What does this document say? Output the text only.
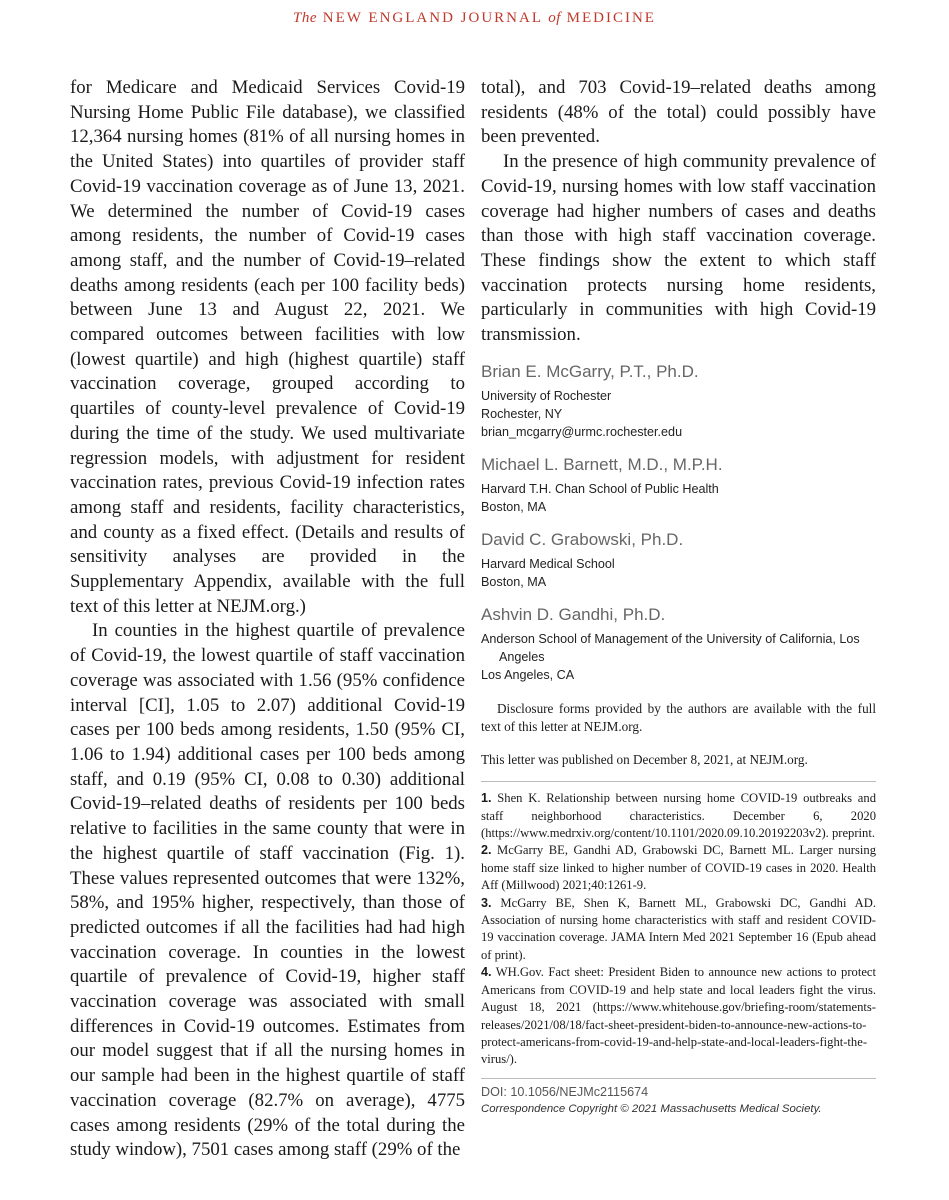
The NEW ENGLAND JOURNAL of MEDICINE

for Medicare and Medicaid Services Covid-19 Nursing Home Public File database), we classified 12,364 nursing homes (81% of all nursing homes in the United States) into quartiles of provider staff Covid-19 vaccination coverage as of June 13, 2021. We determined the number of Covid-19 cases among residents, the number of Covid-19 cases among staff, and the number of Covid-19–related deaths among residents (each per 100 facility beds) between June 13 and August 22, 2021. We compared outcomes between facilities with low (lowest quartile) and high (highest quartile) staff vaccination coverage, grouped according to quartiles of county-level prevalence of Covid-19 during the time of the study. We used multivariate regression models, with adjustment for resident vaccination rates, previous Covid-19 infection rates among staff and residents, facility characteristics, and county as a fixed effect. (Details and results of sensitivity analyses are provided in the Supplementary Appendix, available with the full text of this letter at NEJM.org.)

In counties in the highest quartile of prevalence of Covid-19, the lowest quartile of staff vaccination coverage was associated with 1.56 (95% confidence interval [CI], 1.05 to 2.07) additional Covid-19 cases per 100 beds among residents, 1.50 (95% CI, 1.06 to 1.94) additional cases per 100 beds among staff, and 0.19 (95% CI, 0.08 to 0.30) additional Covid-19–related deaths of residents per 100 beds relative to facilities in the same county that were in the highest quartile of staff vaccination (Fig. 1). These values represented outcomes that were 132%, 58%, and 195% higher, respectively, than those of predicted outcomes if all the facilities had had high vaccination coverage. In counties in the lowest quartile of prevalence of Covid-19, higher staff vaccination coverage was associated with small differences in Covid-19 outcomes. Estimates from our model suggest that if all the nursing homes in our sample had been in the highest quartile of staff vaccination coverage (82.7% on average), 4775 cases among residents (29% of the total during the study window), 7501 cases among staff (29% of the

total), and 703 Covid-19–related deaths among residents (48% of the total) could possibly have been prevented.

In the presence of high community prevalence of Covid-19, nursing homes with low staff vaccination coverage had higher numbers of cases and deaths than those with high staff vaccination coverage. These findings show the extent to which staff vaccination protects nursing home residents, particularly in communities with high Covid-19 transmission.

Brian E. McGarry, P.T., Ph.D.

University of Rochester

Rochester, NY

brian_mcgarry@urmc.rochester.edu

Michael L. Barnett, M.D., M.P.H.

Harvard T.H. Chan School of Public Health

Boston, MA

David C. Grabowski, Ph.D.

Harvard Medical School

Boston, MA

Ashvin D. Gandhi, Ph.D.

Anderson School of Management of the University of California, Los Angeles

Los Angeles, CA

Disclosure forms provided by the authors are available with the full text of this letter at NEJM.org.

This letter was published on December 8, 2021, at NEJM.org.

1. Shen K. Relationship between nursing home COVID-19 outbreaks and staff neighborhood characteristics. December 6, 2020 (https://www.medrxiv.org/content/10.1101/2020.09.10.20192203v2). preprint.

2. McGarry BE, Gandhi AD, Grabowski DC, Barnett ML. Larger nursing home staff size linked to higher number of COVID-19 cases in 2020. Health Aff (Millwood) 2021;40:1261-9.

3. McGarry BE, Shen K, Barnett ML, Grabowski DC, Gandhi AD. Association of nursing home characteristics with staff and resident COVID-19 vaccination coverage. JAMA Intern Med 2021 September 16 (Epub ahead of print).

4. WH.Gov. Fact sheet: President Biden to announce new actions to protect Americans from COVID-19 and help state and local leaders fight the virus. August 18, 2021 (https://www.whitehouse.gov/briefing-room/statements-releases/2021/08/18/fact-sheet-president-biden-to-announce-new-actions-to-protect-americans-from-covid-19-and-help-state-and-local-leaders-fight-the-virus/).

DOI: 10.1056/NEJMc2115674

Correspondence Copyright © 2021 Massachusetts Medical Society.
